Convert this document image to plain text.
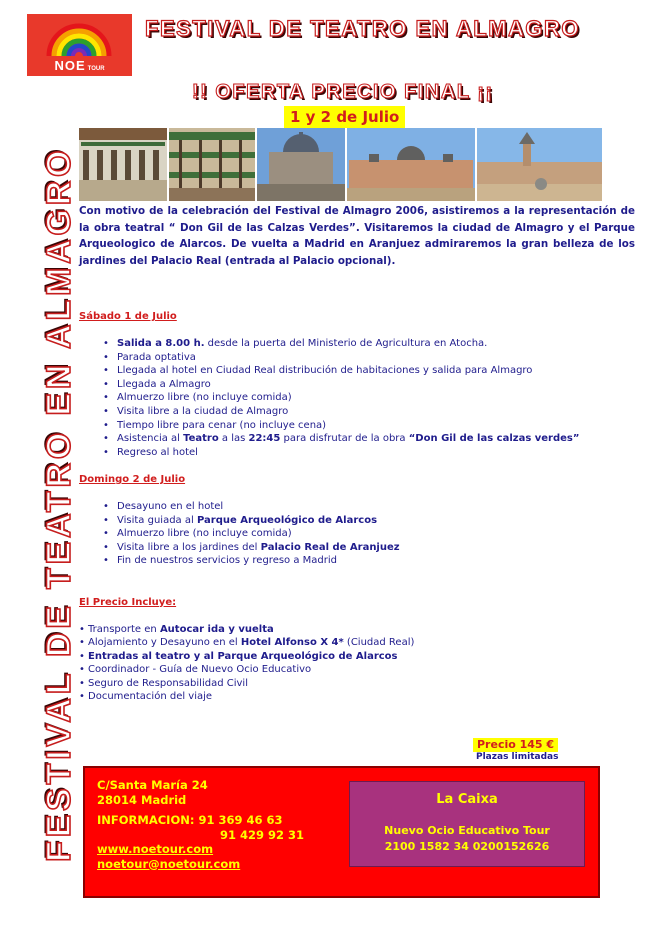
NOE TOUR
FESTIVAL DE TEATRO EN ALMAGRO
!! OFERTA PRECIO FINAL ¡¡
1 y 2 de Julio
FESTIVAL DE TEATRO EN ALMAGRO Con motivo de la celebración del Festival de Almagro 2006, asistiremos a la representación de la obra teatral “ Don Gil de las Calzas Verdes”. Visitaremos la ciudad de Almagro y el Parque Arqueologico de Alarcos. De vuelta a Madrid en Aranjuez admiraremos la gran belleza de los jardines del Palacio Real (entrada al Palacio opcional).

Sábado 1 de Julio

• Salida a 8.00 h. desde la puerta del Ministerio de Agricultura en Atocha.
• Parada optativa
• Llegada al hotel en Ciudad Real distribución de habitaciones y salida para Almagro
• Llegada a Almagro
• Almuerzo libre (no incluye comida)
• Visita libre a la ciudad de Almagro
• Tiempo libre para cenar (no incluye cena)
• Asistencia al Teatro a las 22:45 para disfrutar de la obra “Don Gil de las calzas verdes”
• Regreso al hotel

Domingo 2 de Julio

• Desayuno en el hotel
• Visita guiada al Parque Arqueológico de Alarcos
• Almuerzo libre (no incluye comida)
• Visita libre a los jardines del Palacio Real de Aranjuez
• Fin de nuestros servicios y regreso a Madrid

El Precio Incluye:

• Transporte en Autocar ida y vuelta
• Alojamiento y Desayuno en el Hotel Alfonso X 4* (Ciudad Real)
• Entradas al teatro y al Parque Arqueológico de Alarcos
• Coordinador - Guía de Nuevo Ocio Educativo
• Seguro de Responsabilidad Civil
• Documentación del viaje
Precio 145 €
Plazas limitadas
C/Santa María 24
28014 Madrid
INFORMACION: 91 369 46 63
91 429 92 31
www.noetour.com
noetour@noetour.com
La Caixa
Nuevo Ocio Educativo Tour
2100 1582 34 0200152626
